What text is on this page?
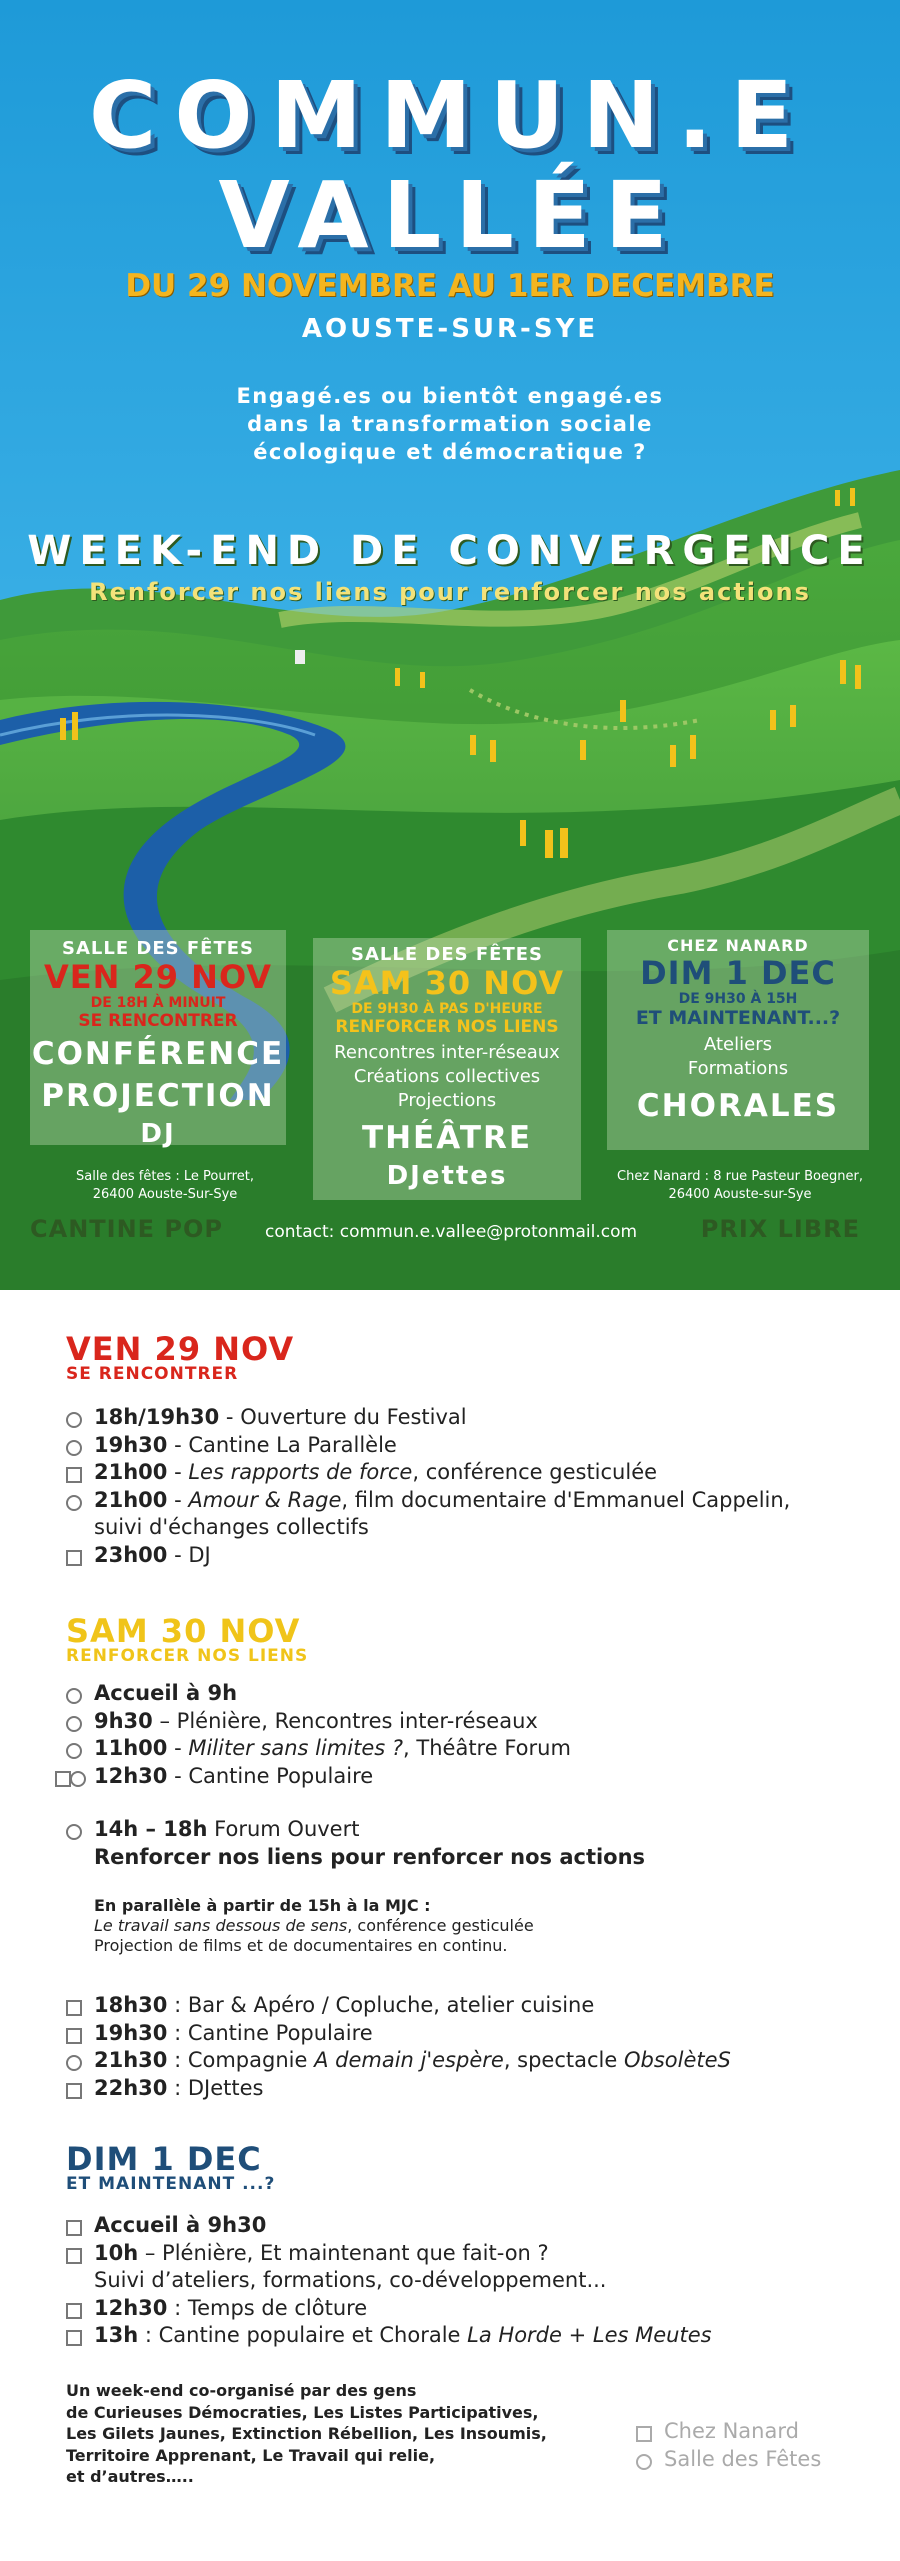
COMMUN.E
VALLÉE
DU 29 NOVEMBRE AU 1ER DECEMBRE
AOUSTE-SUR-SYE
Engagé.es ou bientôt engagé.es
dans la transformation sociale
écologique et démocratique ?
WEEK-END DE CONVERGENCE
Renforcer nos liens pour renforcer nos actions
SALLE DES FÊTES
VEN 29 NOV
DE 18H À MINUIT
SE RENCONTRER
CONFÉRENCE
PROJECTION
DJ
Salle des fêtes : Le Pourret,
26400 Aouste-Sur-Sye
SALLE DES FÊTES
SAM 30 NOV
DE 9H30 À PAS D'HEURE
RENFORCER NOS LIENS
Rencontres inter-réseaux
Créations collectives
Projections
THÉÂTRE
DJettes
CHEZ NANARD
DIM 1 DEC
DE 9H30 À 15H
ET MAINTENANT...?
Ateliers
Formations
CHORALES
Chez Nanard : 8 rue Pasteur Boegner,
26400 Aouste-sur-Sye
CANTINE POP contact: commun.e.vallee@protonmail.com	PRIX LIBRE
VEN 29 NOV
SE RENCONTRER
18h/19h30 - Ouverture du Festival
19h30 - Cantine La Parallèle
21h00 - Les rapports de force, conférence gesticulée
21h00 - Amour & Rage, film documentaire d'Emmanuel Cappelin,
suivi d'échanges collectifs
23h00 - DJ
SAM 30 NOV
RENFORCER NOS LIENS
Accueil à 9h
9h30 – Plénière, Rencontres inter-réseaux
11h00 - Militer sans limites ?, Théâtre Forum
12h30 - Cantine Populaire
14h – 18h Forum Ouvert
Renforcer nos liens pour renforcer nos actions
En parallèle à partir de 15h à la MJC :
Le travail sans dessous de sens, conférence gesticulée
Projection de films et de documentaires en continu.
18h30 : Bar & Apéro / Copluche, atelier cuisine
19h30 : Cantine Populaire
21h30 : Compagnie A demain j'espère, spectacle ObsolèteS
22h30 : DJettes
DIM 1 DEC
ET MAINTENANT ...?
Accueil à 9h30
10h – Plénière, Et maintenant que fait-on ?
Suivi d’ateliers, formations, co-développement...
12h30 : Temps de clôture
13h : Cantine populaire et Chorale La Horde + Les Meutes
Un week-end co-organisé par des gens
de Curieuses Démocraties, Les Listes Participatives,
Les Gilets Jaunes, Extinction Rébellion, Les Insoumis,
Territoire Apprenant, Le Travail qui relie,
et d’autres…..
Chez Nanard
Salle des Fêtes
